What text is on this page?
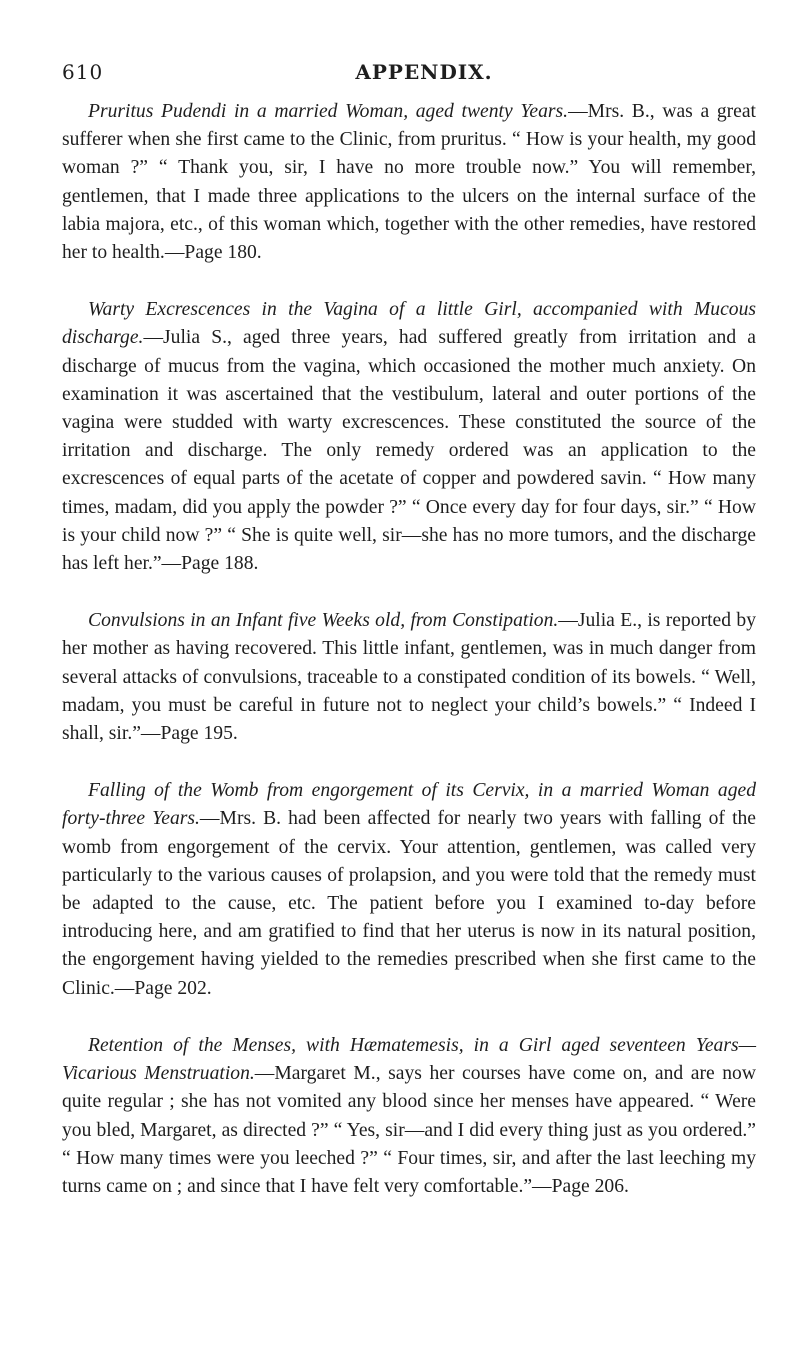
610	APPENDIX.

Pruritus Pudendi in a married Woman, aged twenty Years.—Mrs. B., was a great sufferer when she first came to the Clinic, from pruritus. “ How is your health, my good woman ?” “ Thank you, sir, I have no more trouble now.” You will remember, gentlemen, that I made three applications to the ulcers on the internal surface of the labia majora, etc., of this woman which, together with the other remedies, have restored her to health.—Page 180.

Warty Excrescences in the Vagina of a little Girl, accompanied with Mucous discharge.—Julia S., aged three years, had suffered greatly from irritation and a discharge of mucus from the vagina, which occasioned the mother much anxiety. On examination it was ascertained that the vestibulum, lateral and outer portions of the vagina were studded with warty excrescences. These constituted the source of the irritation and discharge. The only remedy ordered was an application to the excrescences of equal parts of the acetate of copper and powdered savin. “ How many times, madam, did you apply the powder ?” “ Once every day for four days, sir.” “ How is your child now ?” “ She is quite well, sir—she has no more tumors, and the discharge has left her.”—Page 188.

Convulsions in an Infant five Weeks old, from Constipation.—Julia E., is reported by her mother as having recovered. This little infant, gentlemen, was in much danger from several attacks of convulsions, traceable to a constipated condition of its bowels. “ Well, madam, you must be careful in future not to neglect your child’s bowels.” “ Indeed I shall, sir.”—Page 195.

Falling of the Womb from engorgement of its Cervix, in a married Woman aged forty-three Years.—Mrs. B. had been affected for nearly two years with falling of the womb from engorgement of the cervix. Your attention, gentlemen, was called very particularly to the various causes of prolapsion, and you were told that the remedy must be adapted to the cause, etc. The patient before you I examined to-day before introducing here, and am gratified to find that her uterus is now in its natural position, the engorgement having yielded to the remedies prescribed when she first came to the Clinic.—Page 202.

Retention of the Menses, with Hæmatemesis, in a Girl aged seventeen Years—Vicarious Menstruation.—Margaret M., says her courses have come on, and are now quite regular ; she has not vomited any blood since her menses have appeared. “ Were you bled, Margaret, as directed ?” “ Yes, sir—and I did every thing just as you ordered.” “ How many times were you leeched ?” “ Four times, sir, and after the last leeching my turns came on ; and since that I have felt very comfortable.”—Page 206.
